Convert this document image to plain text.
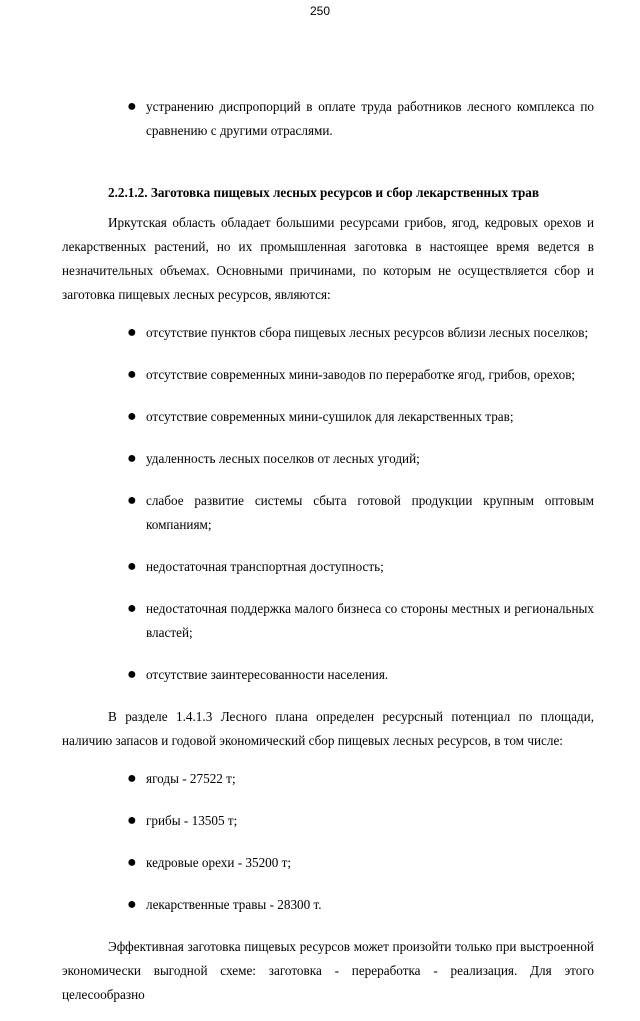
250
● устранению диспропорций в оплате труда работников лесного комплекса по сравнению с другими отраслями.
2.2.1.2. Заготовка пищевых лесных ресурсов и сбор лекарственных трав

Иркутская область обладает большими ресурсами грибов, ягод, кедровых орехов и лекарственных растений, но их промышленная заготовка в настоящее время ведется в незначительных объемах. Основными причинами, по которым не осуществляется сбор и заготовка пищевых лесных ресурсов, являются:

● отсутствие пунктов сбора пищевых лесных ресурсов вблизи лесных поселков;
● отсутствие современных мини-заводов по переработке ягод, грибов, орехов;
● отсутствие современных мини-сушилок для лекарственных трав;
● удаленность лесных поселков от лесных угодий;
● слабое развитие системы сбыта готовой продукции крупным оптовым компаниям;
● недостаточная транспортная доступность;
● недостаточная поддержка малого бизнеса со стороны местных и региональных властей;
● отсутствие заинтересованности населения.

В разделе 1.4.1.3 Лесного плана определен ресурсный потенциал по площади, наличию запасов и годовой экономический сбор пищевых лесных ресурсов, в том числе:

● ягоды - 27522 т;
● грибы - 13505 т;
● кедровые орехи - 35200 т;
● лекарственные травы - 28300 т.

Эффективная заготовка пищевых ресурсов может произойти только при выстроенной экономически выгодной схеме: заготовка - переработка - реализация. Для этого целесообразно
